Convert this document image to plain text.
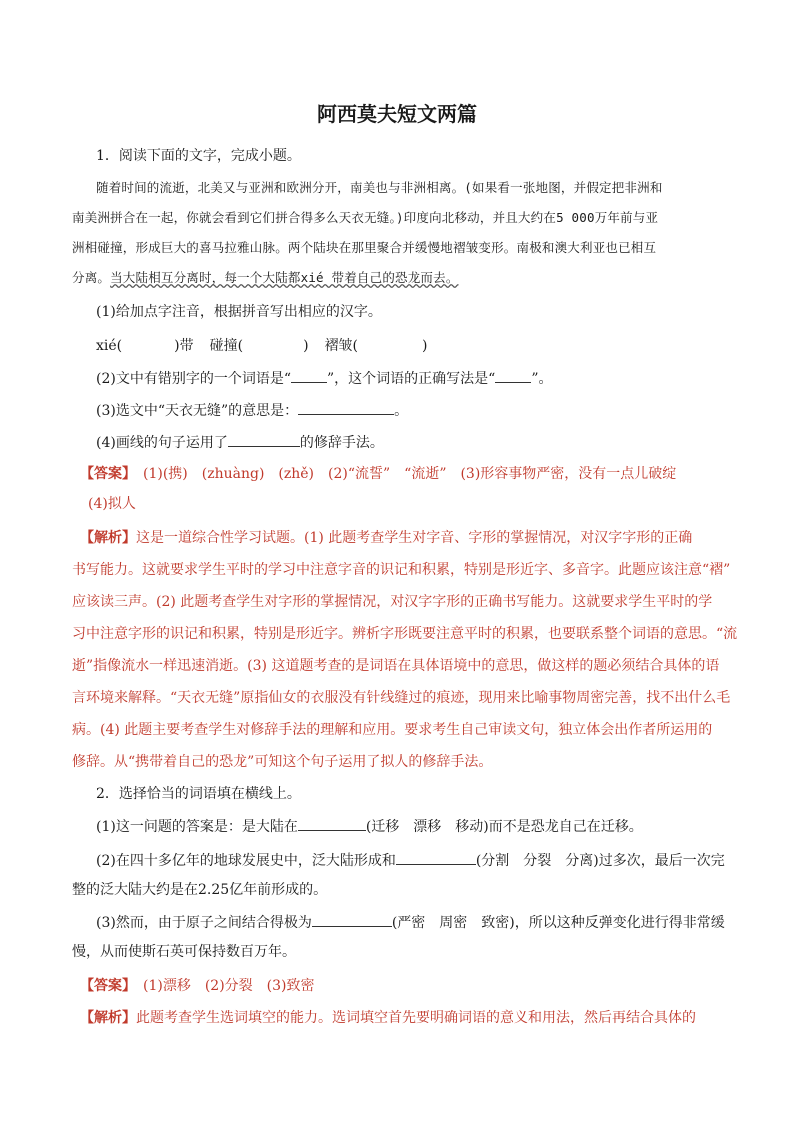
阿西莫夫短文两篇
1．阅读下面的文字，完成小题。
随着时间的流逝，北美又与亚洲和欧洲分开，南美也与非洲相离。(如果看一张地图，并假定把非洲和
南美洲拼合在一起，你就会看到它们拼合得多么天衣无缝。)印度向北移动，并且大约在5 000万年前与亚
洲相碰撞，形成巨大的喜马拉雅山脉。两个陆块在那里聚合并缓慢地褶皱变形。南极和澳大利亚也已相互
分离。当大陆相互分离时，每一个大陆都xié 带着自己的恐龙而去。
(1)给加点字注音，根据拼音写出相应的汉字。
xié(	)带 碰撞(	) 褶皱(	)
(2)文中有错别字的一个词语是“	”，这个词语的正确写法是“	”。
(3)选文中“天衣无缝”的意思是：	。
(4)画线的句子运用了	的修辞手法。
【答案】　 (1)(携)　(zhuàng)　(zhě)　(2)“流誓”　“流逝”　(3)形容事物严密，没有一点儿破绽
(4)拟人
【解析】这是一道综合性学习试题。(1) 此题考查学生对字音、字形的掌握情况，对汉字字形的正确
书写能力。这就要求学生平时的学习中注意字音的识记和积累，特别是形近字、多音字。此题应该注意“褶”
应该读三声。(2) 此题考查学生对字形的掌握情况，对汉字字形的正确书写能力。这就要求学生平时的学
习中注意字形的识记和积累，特别是形近字。辨析字形既要注意平时的积累，也要联系整个词语的意思。“流
逝”指像流水一样迅速消逝。(3) 这道题考查的是词语在具体语境中的意思，做这样的题必须结合具体的语
言环境来解释。“天衣无缝”原指仙女的衣服没有针线缝过的痕迹，现用来比喻事物周密完善，找不出什么毛
病。(4) 此题主要考查学生对修辞手法的理解和应用。要求考生自己审读文句，独立体会出作者所运用的
修辞。从“携带着自己的恐龙”可知这个句子运用了拟人的修辞手法。
2．选择恰当的词语填在横线上。
(1)这一问题的答案是：是大陆在	(迁移　漂移　移动)而不是恐龙自己在迁移。
(2)在四十多亿年的地球发展史中，泛大陆形成和	(分割　分裂　分离)过多次，最后一次完
整的泛大陆大约是在2.25亿年前形成的。
(3)然而，由于原子之间结合得极为	(严密　周密　致密)，所以这种反弹变化进行得非常缓
慢，从而使斯石英可保持数百万年。
【答案】　 (1)漂移　(2)分裂　(3)致密
【解析】此题考查学生选词填空的能力。选词填空首先要明确词语的意义和用法，然后再结合具体的
